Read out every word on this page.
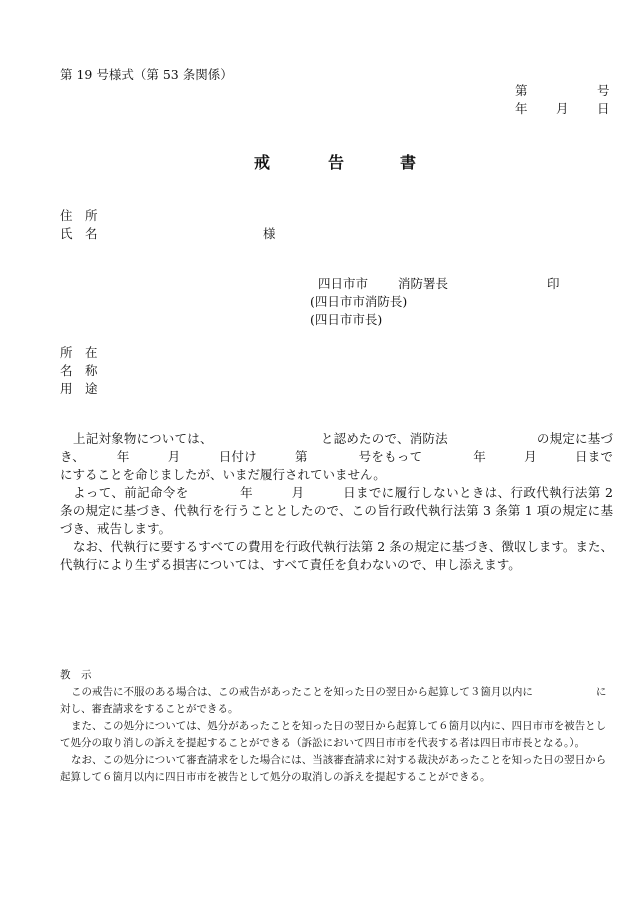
第 19 号様式（第 53 条関係）
第	号
年 月 日
戒	告	書
住　所
氏　名	様
四日市市 消防署長	印
(四日市市消防長)
(四日市市長)
所　在
名　称
用　途
上記対象物については、　　　　　　　　　と認めたので、消防法　　　　　　　の規定に基づき、　　　年　　　月　　　日付け　　　第　　　　号をもって　　　　年　　　月　　　日までにすることを命じましたが、いまだ履行されていません。
よって、前記命令を　　　　年　　　月　　　日までに履行しないときは、行政代執行法第 2 条の規定に基づき、代執行を行うこととしたので、この旨行政代執行法第 3 条第 1 項の規定に基づき、戒告します。
なお、代執行に要するすべての費用を行政代執行法第 2 条の規定に基づき、徴収します。また、代執行により生ずる損害については、すべて責任を負わないので、申し添えます。
教　示
この戒告に不服のある場合は、この戒告があったことを知った日の翌日から起算して３箇月以内に　　　　　　に対し、審査請求をすることができる。
また、この処分については、処分があったことを知った日の翌日から起算して６箇月以内に、四日市市を被告として処分の取り消しの訴えを提起することができる（訴訟において四日市市を代表する者は四日市市長となる。）。
なお、この処分について審査請求をした場合には、当該審査請求に対する裁決があったことを知った日の翌日から起算して６箇月以内に四日市市を被告として処分の取消しの訴えを提起することができる。
